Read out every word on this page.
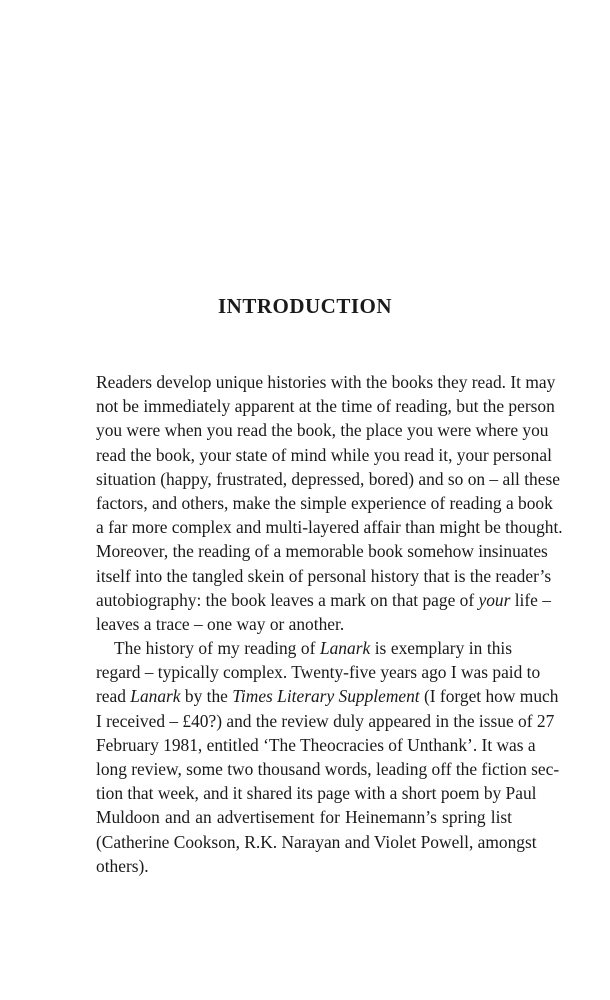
INTRODUCTION
Readers develop unique histories with the books they read. It may
not be immediately apparent at the time of reading, but the person
you were when you read the book, the place you were where you
read the book, your state of mind while you read it, your personal
situation (happy, frustrated, depressed, bored) and so on – all these
factors, and others, make the simple experience of reading a book
a far more complex and multi-layered affair than might be thought.
Moreover, the reading of a memorable book somehow insinuates
itself into the tangled skein of personal history that is the reader’s
autobiography: the book leaves a mark on that page of your life –
leaves a trace – one way or another.
The history of my reading of Lanark is exemplary in this
regard – typically complex. Twenty-five years ago I was paid to
read Lanark by the Times Literary Supplement (I forget how much
I received – £40?) and the review duly appeared in the issue of 27
February 1981, entitled ‘The Theocracies of Unthank’. It was a
long review, some two thousand words, leading off the fiction sec-
tion that week, and it shared its page with a short poem by Paul
Muldoon and an advertisement for Heinemann’s spring list
(Catherine Cookson, R.K. Narayan and Violet Powell, amongst
others).
